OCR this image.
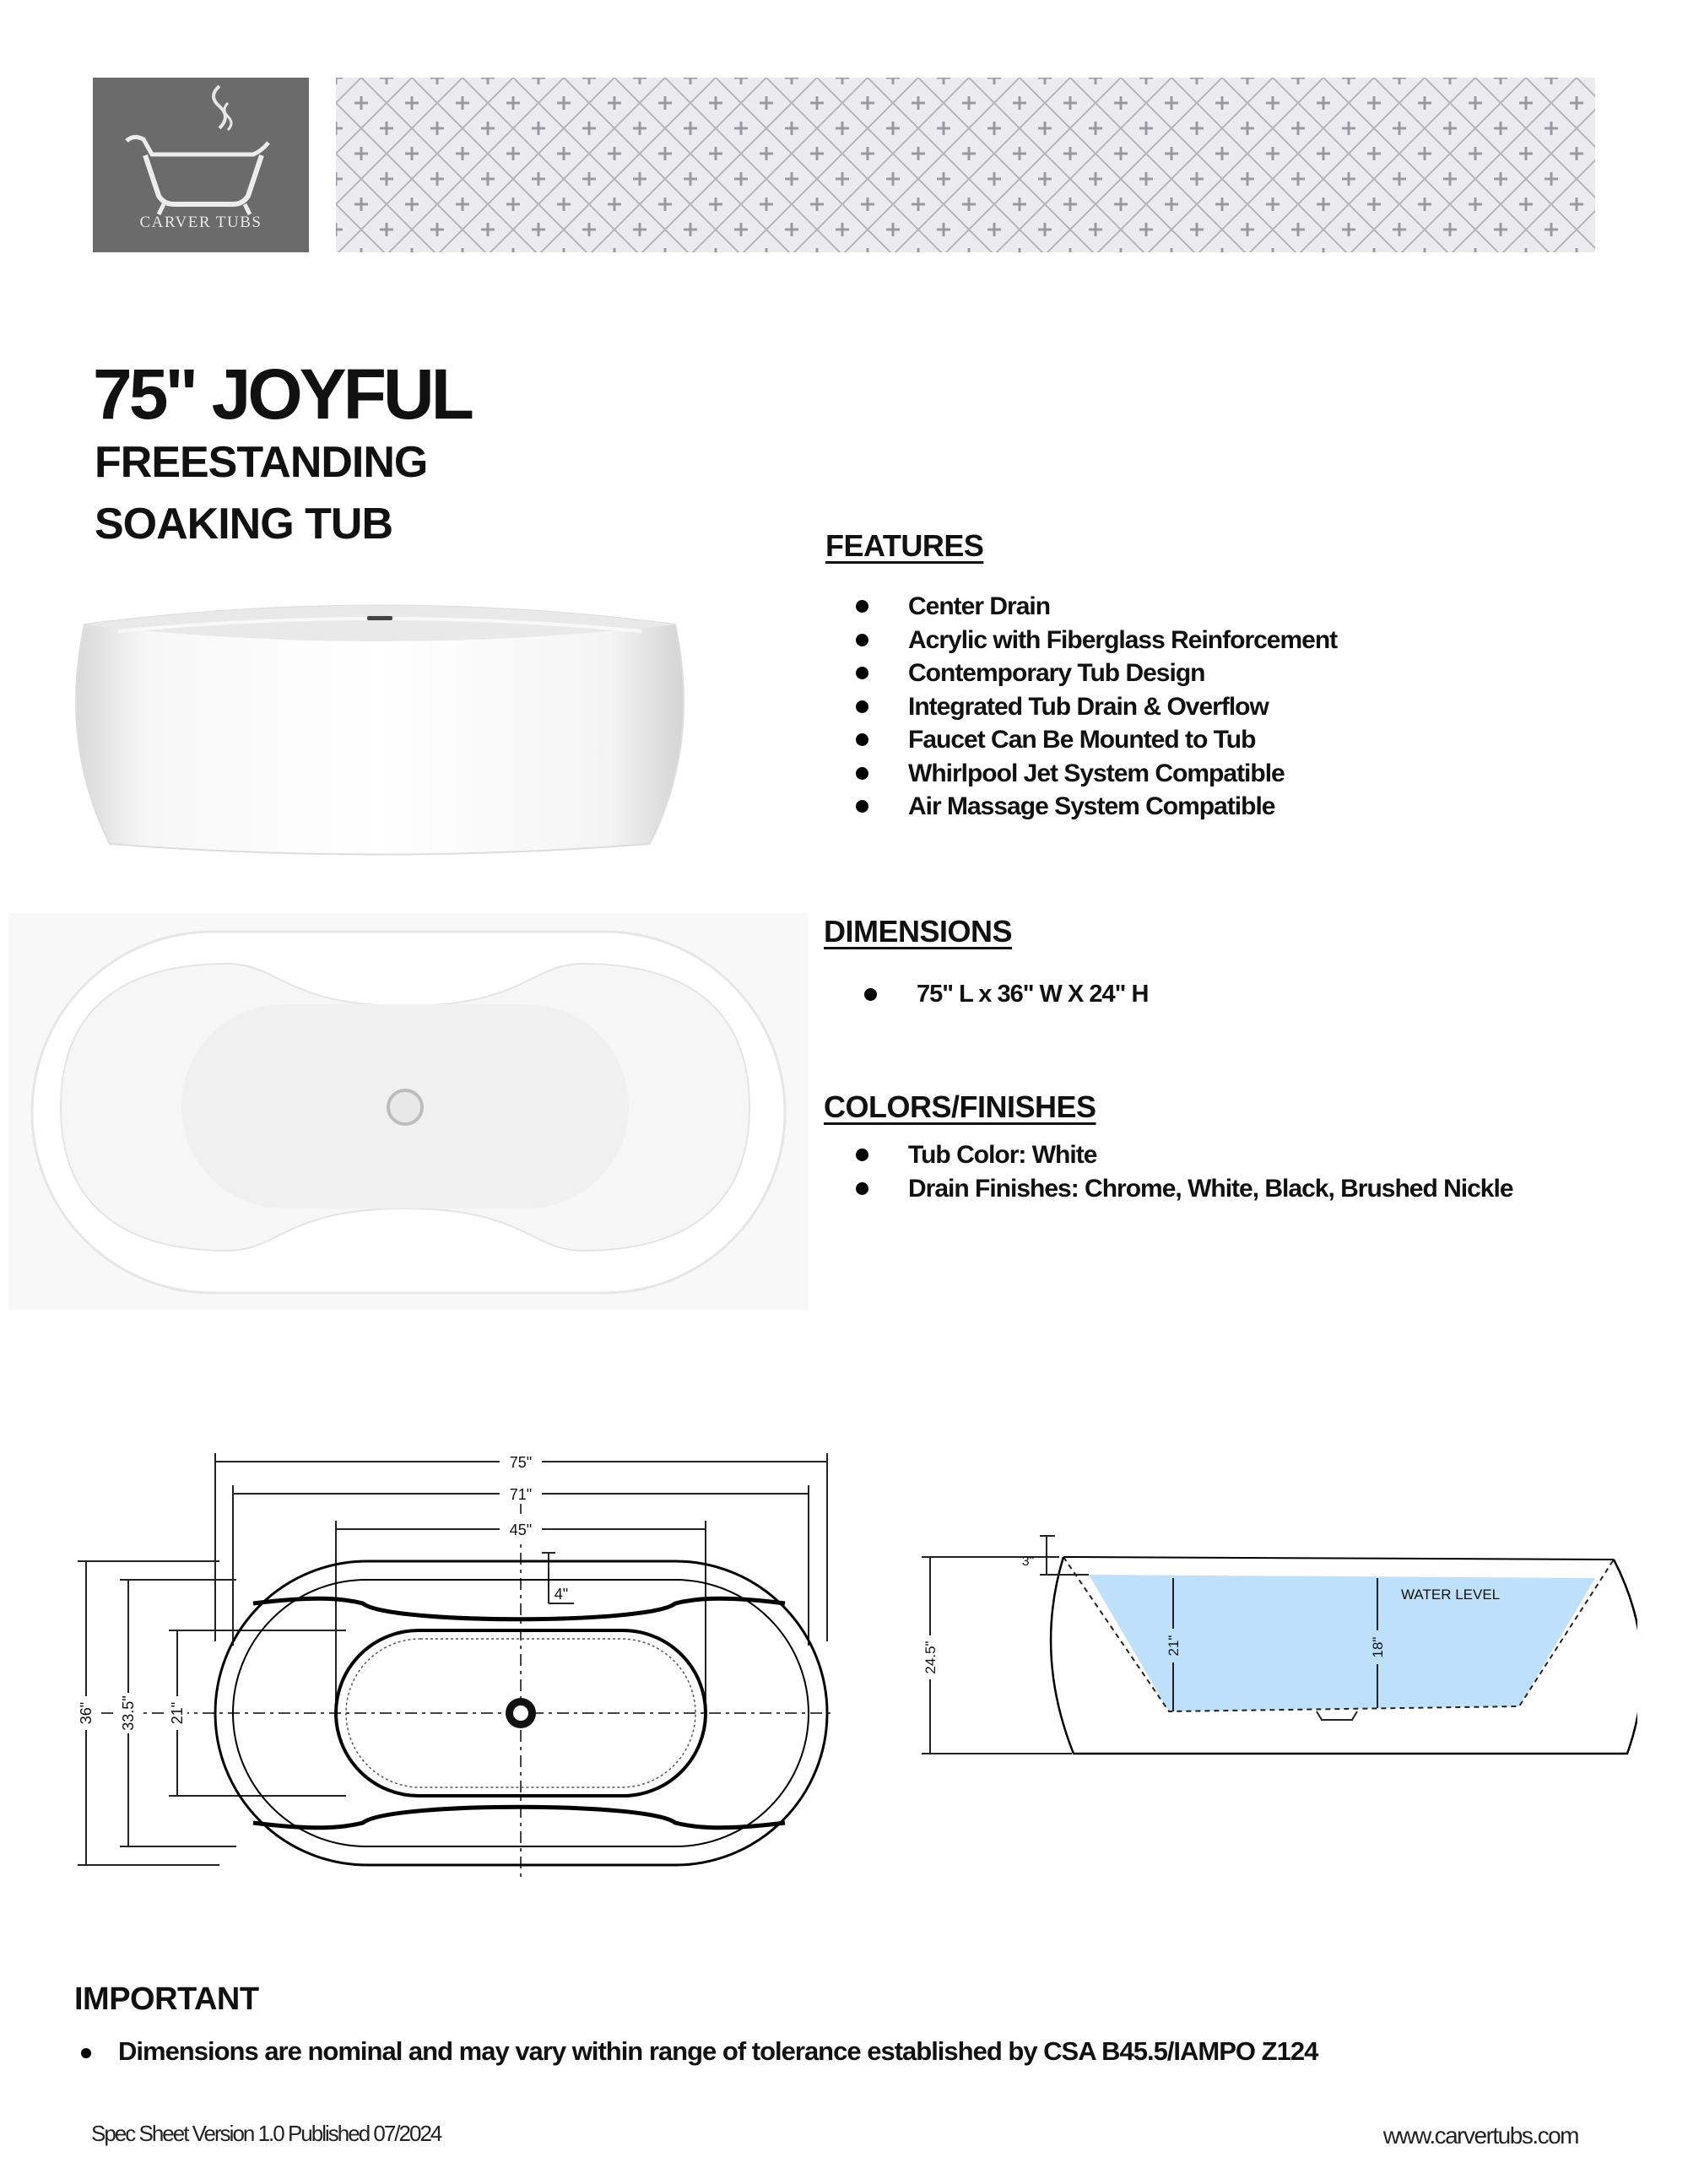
CARVER TUBS
75" JOYFUL
FREESTANDING
SOAKING TUB	FEATURES
Center Drain
Acrylic with Fiberglass Reinforcement
Contemporary Tub Design
Integrated Tub Drain & Overflow
Faucet Can Be Mounted to Tub
Whirlpool Jet System Compatible
Air Massage System Compatible
DIMENSIONS
75" L x 36" W X 24" H
COLORS/FINISHES
Tub Color: White
Drain Finishes: Chrome, White, Black, Brushed Nickle
75"
71"
45"
4"
36" 33.5" 21"
24.5"
3"
21"	18"
WATER LEVEL
IMPORTANT
Dimensions are nominal and may vary within range of tolerance established by CSA B45.5/IAMPO Z124
Spec Sheet Version 1.0 Published 07/2024	www.carvertubs.com
